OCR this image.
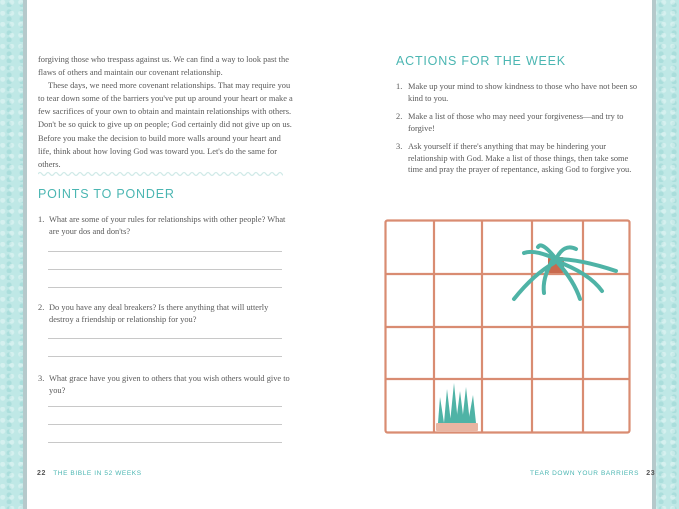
forgiving those who trespass against us. We can find a way to look past the flaws of others and maintain our covenant relationship.

These days, we need more covenant relationships. That may require you to tear down some of the barriers you've put up around your heart or make a few sacrifices of your own to obtain and maintain relationships with others. Don't be so quick to give up on people; God certainly did not give up on us. Before you make the decision to build more walls around your heart and life, think about how loving God was toward you. Let's do the same for others.

POINTS TO PONDER
1. What are some of your rules for relationships with other people? What are your dos and don'ts?
2. Do you have any deal breakers? Is there anything that will utterly destroy a friendship or relationship for you?
3. What grace have you given to others that you wish others would give to you?
22 THE BIBLE IN 52 WEEKS
ACTIONS FOR THE WEEK
1. Make up your mind to show kindness to those who have not been so kind to you.
2. Make a list of those who may need your forgiveness—and try to forgive!
3. Ask yourself if there's anything that may be hindering your relationship with God. Make a list of those things, then take some time and pray the prayer of repentance, asking God to forgive you.
TEAR DOWN YOUR BARRIERS 23
